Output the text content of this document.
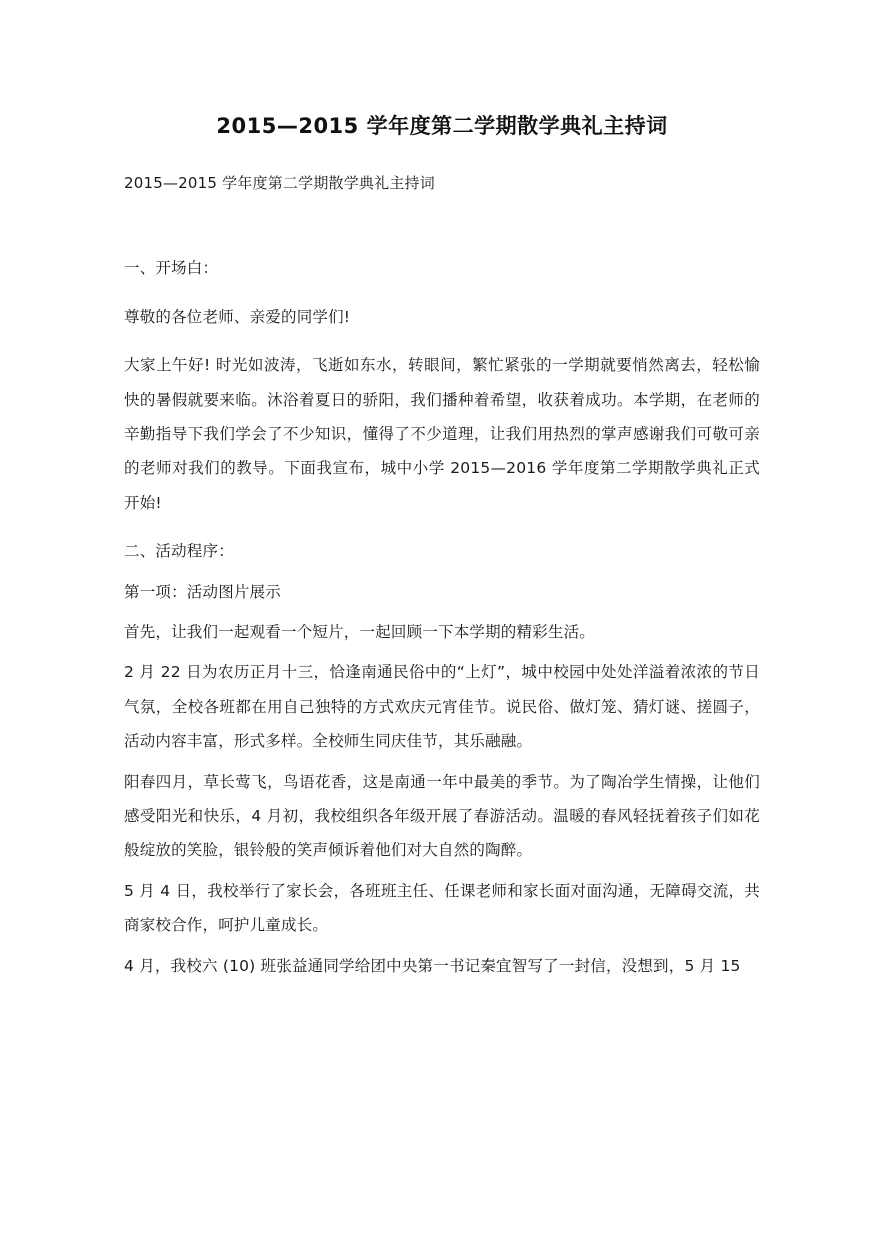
2015—2015 学年度第二学期散学典礼主持词
2015—2015 学年度第二学期散学典礼主持词
一、开场白：
尊敬的各位老师、亲爱的同学们!
大家上午好! 时光如波涛，飞逝如东水，转眼间，繁忙紧张的一学期就要悄然离去，轻松愉快的暑假就要来临。沐浴着夏日的骄阳，我们播种着希望，收获着成功。本学期，在老师的辛勤指导下我们学会了不少知识，懂得了不少道理，让我们用热烈的掌声感谢我们可敬可亲的老师对我们的教导。下面我宣布，城中小学 2015—2016 学年度第二学期散学典礼正式开始!
二、活动程序：
第一项：活动图片展示
首先，让我们一起观看一个短片，一起回顾一下本学期的精彩生活。
2 月 22 日为农历正月十三，恰逢南通民俗中的“上灯”，城中校园中处处洋溢着浓浓的节日气氛，全校各班都在用自己独特的方式欢庆元宵佳节。说民俗、做灯笼、猜灯谜、搓圆子，活动内容丰富，形式多样。全校师生同庆佳节，其乐融融。
阳春四月，草长莺飞，鸟语花香，这是南通一年中最美的季节。为了陶冶学生情操，让他们感受阳光和快乐，4 月初，我校组织各年级开展了春游活动。温暖的春风轻抚着孩子们如花般绽放的笑脸，银铃般的笑声倾诉着他们对大自然的陶醉。
5 月 4 日，我校举行了家长会，各班班主任、任课老师和家长面对面沟通，无障碍交流，共商家校合作，呵护儿童成长。
4 月，我校六 (10) 班张益通同学给团中央第一书记秦宜智写了一封信，没想到，5 月 15
